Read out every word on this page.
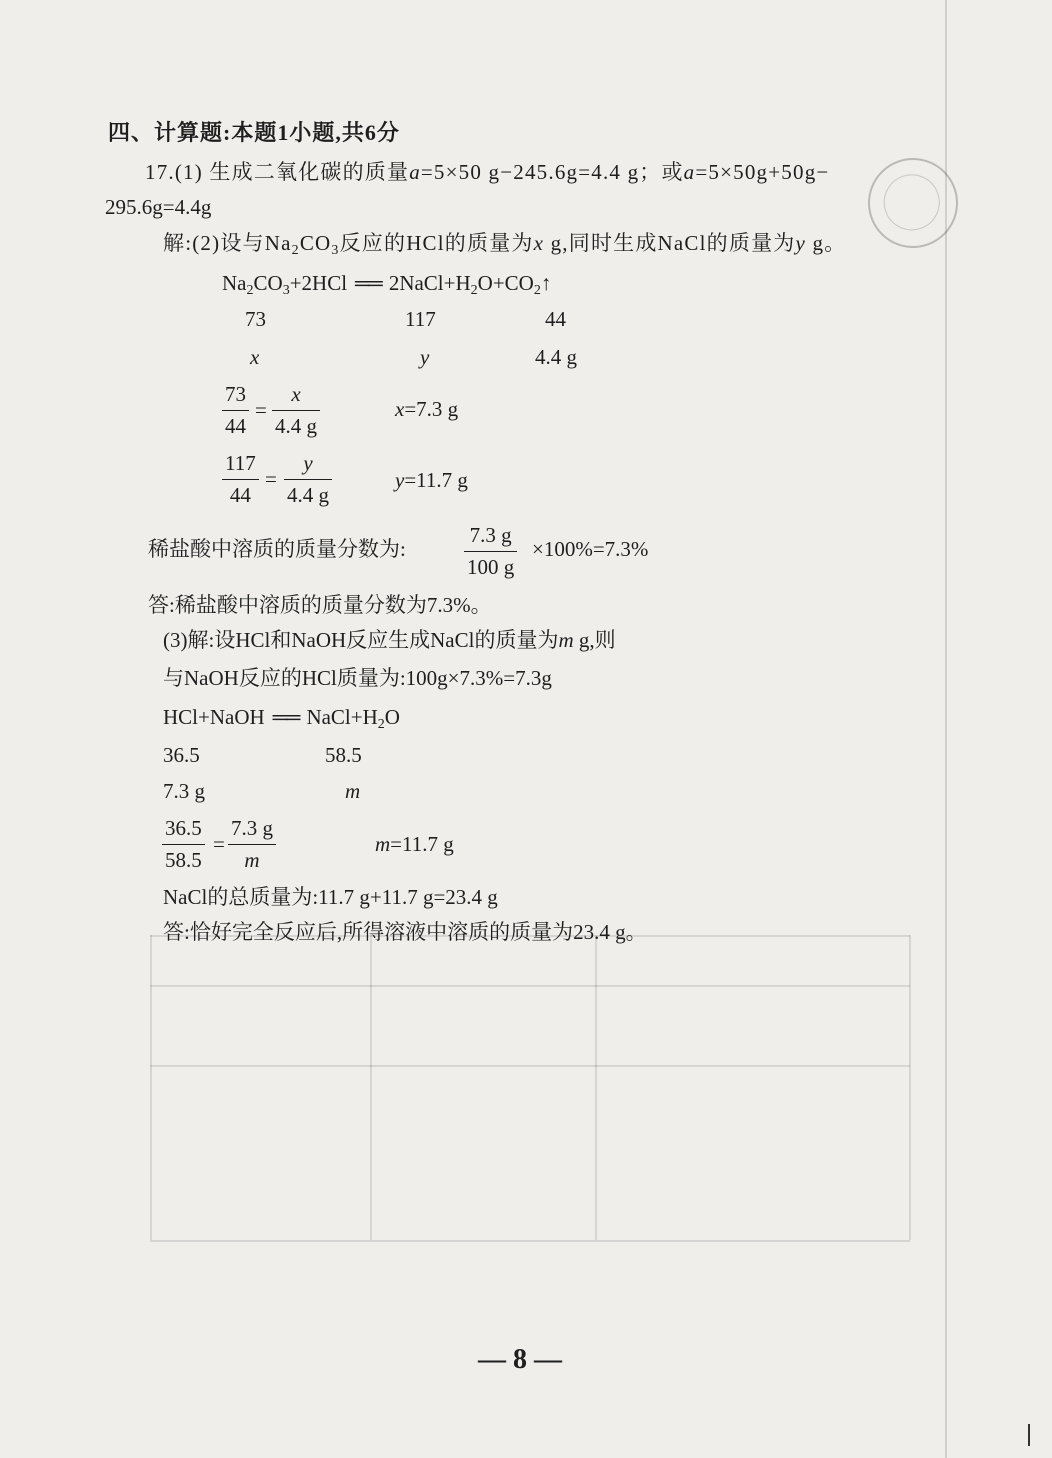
四、计算题:本题1小题,共6分
17.(1) 生成二氧化碳的质量a=5×50 g−245.6g=4.4 g；或a=5×50g+50g−
295.6g=4.4g
解:(2)设与$Na_2CO_3$反应的HCl的质量为x g,同时生成NaCl的质量为y g。
$Na_2CO_3+2HCl$ ══ $2NaCl+H_2O+CO_2↑$
73	117	44
x	y	4.4 g
73
44
=
x
4.4 g
x=7.3 g
117
44
=
y
4.4 g
y=11.7 g
稀盐酸中溶质的质量分数为:
7.3 g
100 g
×100%=7.3%
答:稀盐酸中溶质的质量分数为7.3%。
(3)解:设HCl和NaOH反应生成NaCl的质量为m g,则
与NaOH反应的HCl质量为:100g×7.3%=7.3g
HCl+NaOH ══ $NaCl+H_2O$
36.5	58.5
7.3 g	m
36.5
58.5
=
7.3 g
m
m=11.7 g
NaCl的总质量为:11.7 g+11.7 g=23.4 g
答:恰好完全反应后,所得溶液中溶质的质量为23.4 g。
— 8 —
